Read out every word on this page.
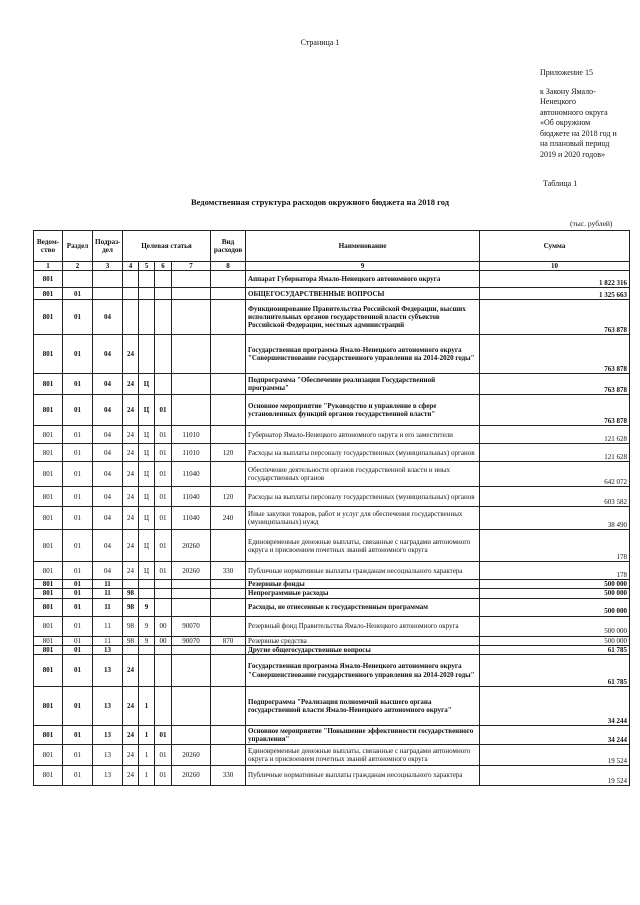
Страница 1
Приложение 15
к Закону Ямало-
Ненецкого
автономного округа
«Об окружном
бюджете на 2018 год и
на плановый период
2019 и 2020 годов»
Таблица 1
Ведомственная структура расходов окружного бюджета на 2018 год
(тыс. рублей)
Ведом-ство	Раздел	Подраз-дел	Целевая статья				Вид расходов	Наименование	Сумма
1	2	3	4	5	6	7	8	9	10
801								Аппарат Губернатора Ямало-Ненецкого автономного округа	1 822 316
801	01							ОБЩЕГОСУДАРСТВЕННЫЕ ВОПРОСЫ	1 325 663
801	01	04						Функционирование Правительства Российской Федерации, высших исполнительных органов государственной власти субъектов Российской Федерации, местных администраций	763 878
801	01	04	24					Государственная программа Ямало-Ненецкого автономного округа "Совершенствование государственного управления на 2014-2020 годы"	763 878
801	01	04	24	Ц				Подпрограмма "Обеспечение реализации Государственной программы"	763 878
801	01	04	24	Ц	01			Основное мероприятие "Руководство и управление в сфере установленных функций органов государственной власти"	763 878
801	01	04	24	Ц	01	11010		Губернатор Ямало-Ненецкого автономного округа и его заместители	121 628
801	01	04	24	Ц	01	11010	120	Расходы на выплаты персоналу государственных (муниципальных) органов	121 628
801	01	04	24	Ц	01	11040		Обеспечение деятельности органов государственной власти и иных государственных органов	642 072
801	01	04	24	Ц	01	11040	120	Расходы на выплаты персоналу государственных (муниципальных) органов	603 582
801	01	04	24	Ц	01	11040	240	Иные закупки товаров, работ и услуг для обеспечения государственных (муниципальных) нужд	38 490
801	01	04	24	Ц	01	20260		Единовременные денежные выплаты, связанные с наградами автономного округа и присвоением почетных званий автономного округа	178
801	01	04	24	Ц	01	20260	330	Публичные нормативные выплаты гражданам несоциального характера	178
801	01	11						Резервные фонды	500 000
801	01	11	98					Непрограммные расходы	500 000
801	01	11	98	9				Расходы, не отнесенные к государственным программам	500 000
801	01	11	98	9	00	90070		Резервный фонд Правительства Ямало-Ненецкого автономного округа	500 000
801	01	11	98	9	00	90070	870	Резервные средства	500 000
801	01	13						Другие общегосударственные вопросы	61 785
801	01	13	24					Государственная программа Ямало-Ненецкого автономного округа "Совершенствование государственного управления на 2014-2020 годы"	61 785
801	01	13	24	1				Подпрограмма "Реализация полномочий высшего органа государственной власти Ямало-Ненецкого автономного округа"	34 244
801	01	13	24	1	01			Основное мероприятие "Повышение эффективности государственного управления"	34 244
801	01	13	24	1	01	20260		Единовременные денежные выплаты, связанные с наградами автономного округа и присвоением почетных званий автономного округа	19 524
801	01	13	24	1	01	20260	330	Публичные нормативные выплаты гражданам несоциального характера	19 524
